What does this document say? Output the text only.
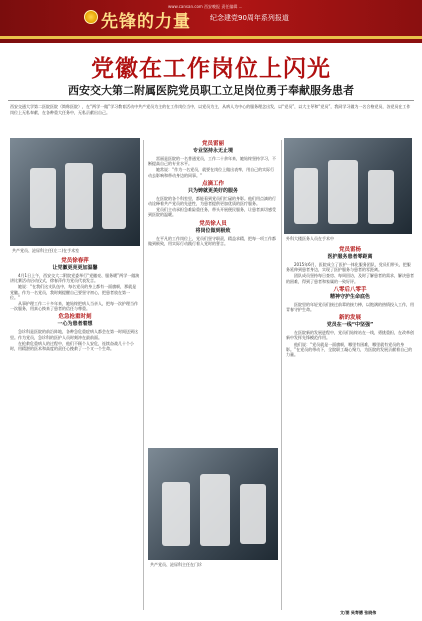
www.cansan.com 西安晚报 责任编辑 ...
先锋的力量	纪念建党90周年系列报道
党徽在工作岗位上闪光
西安交大第二附属医院党员职工立足岗位勇于奉献服务患者
西安交通大学第二医院医院（简称医院），在“两学一做”学习教育活动中共产党员为主的在工作岗位当中，以党员为主，从病人为中心的服务理念出发，以“党员”，以大主导和“党员”，我同学习做为一名合格党员，各党员在工作岗位上无私奉献，在各种重大任务中，无私贡献出自己。
共产党员、泌尿科主任(左二)在手术室
外科大楼医务人员在手术中
共产党员、泌尿科主任在门诊
党员徐春萍
让党徽更亮更加温馨

4月1日上午，西安交大二附院党委举行“党徽亮、服务暖”两学一做演讲比赛活动启动仪式，徐春萍作为党员代表发言。

她说：“在我们这支队伍中，每名党员的身上都有一面旗帜，那就是党徽。作为一名党员，我时刻提醒自己要坚守初心，把患者放在第一位。”

从事护理工作二十多年来，她始终把病人当亲人，把每一次护理当作一次服务，用真心换来了患者的信任与尊重。

危急抢重时刻
一心为患者着想

急诊科是医院的前沿阵地，各种急危重症病人都会在第一时间送到这里。作为党员，急诊科的医护人员时刻冲在最前面。

在抢救危重病人的过程中，他们不顾个人安危，连续奋战几十个小时，用精湛的医术和高度的责任心挽救了一个又一个生命。

党员雷丽
专业坚持永无止境

雷丽是医院的一名普通党员，工作二十余年来，她始终坚持学习，不断提高自己的专业水平。

她常说：“作为一名党员，就要在岗位上做出表率，用自己的实际行动去影响和带动身边的同事。”

点滴工作
只为铸就更美好的服务

在医院的各个科室里，都能看到党员们忙碌的身影。他们用点滴的行动诠释着共产党员的先进性，为患者提供更加优质的医疗服务。

党员们主动承担急难险重任务，带头开展便民服务，让患者真切感受到医院的温暖。

党员徐人员
将岗位做到极致

在平凡的工作岗位上，党员们坚守职责，精益求精，把每一项工作都做到极致，用实际行动践行着入党时的誓言。

党员雷杨
医护服务患者零距离

2015年6月，医院成立了医护一体化服务团队，党员们带头，把服务延伸到患者身边，实现了医护服务与患者的零距离。

团队成员坚持每日查房、每周回访，及时了解患者的需求，解决患者的困难，得到了患者和家属的一致好评。

八零后八零手
精神守护生命底色

医院里的年轻党员们接过前辈的接力棒，以饱满的热情投入工作，用青春守护生命。

新的发展
党员在一线“中坚强”

在医院新的发展进程中，党员们始终站在一线，勇挑重担，在改革创新中发挥先锋模范作用。

他们说：“党员就是一面旗帜，哪里有困难，哪里就有党员的身影。”在党员的带动下，全院职工凝心聚力，为医院的发展贡献着自己的力量。

文/图 吴寿德 张晓伟
